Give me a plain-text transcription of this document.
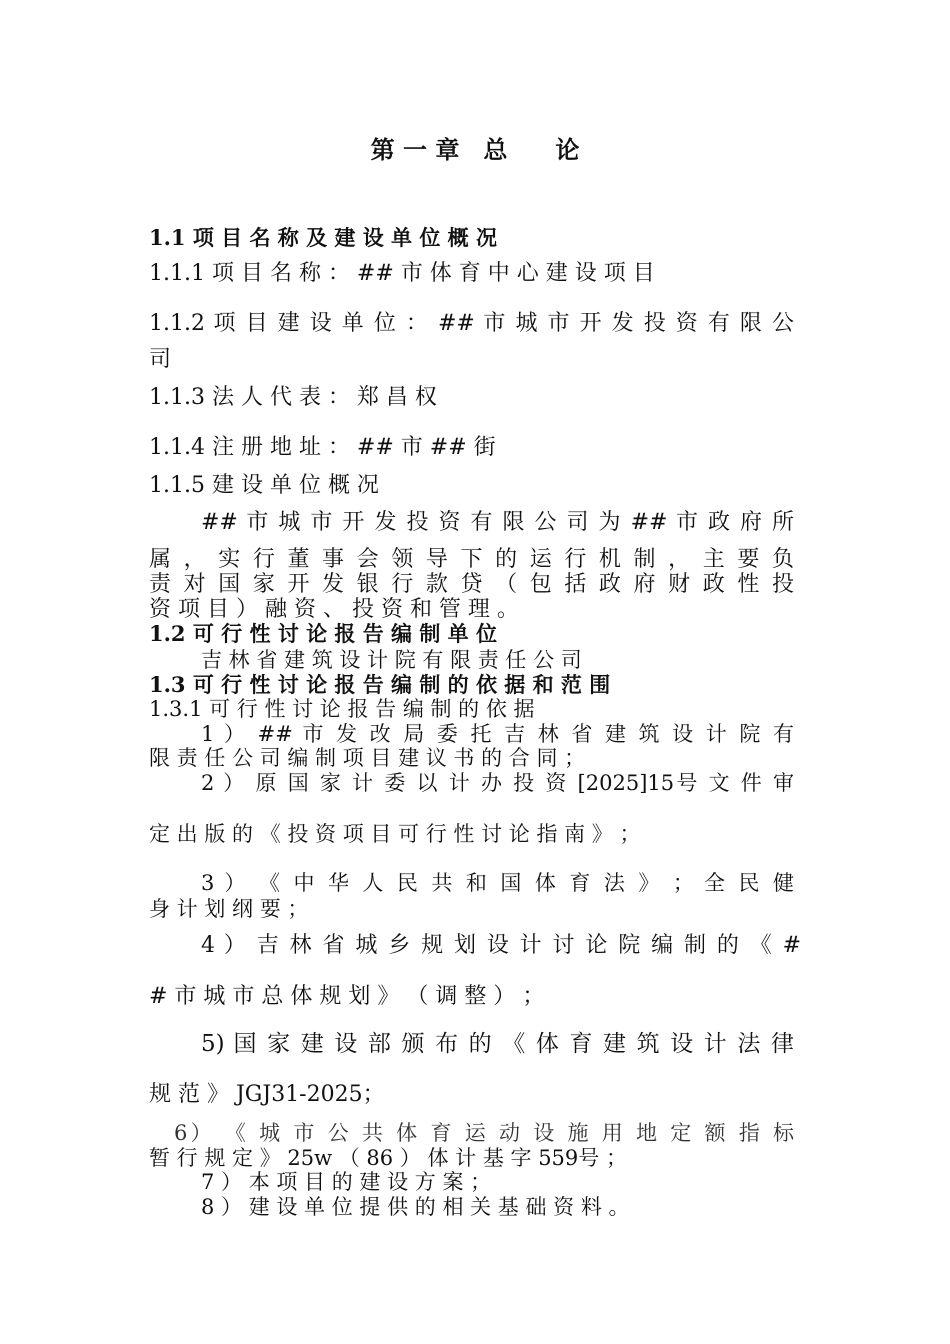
第 一 章　总　　论
1.1 项 目 名 称 及 建 设 单 位 概 况
1.1.1 项 目 名 称 ： ## 市 体 育 中 心 建 设 项 目
1.1.2 项 目 建 设 单 位 ： ## 市 城 市 开 发 投 资 有 限 公
司
1.1.3 法 人 代 表 ： 郑 昌 权
1.1.4 注 册 地 址 ： ## 市 ## 街
1.1.5 建 设 单 位 概 况
## 市 城 市 开 发 投 资 有 限 公 司 为 ## 市 政 府 所
属 ， 实 行 董 事 会 领 导 下 的 运 行 机 制 ， 主 要 负
责 对 国 家 开 发 银 行 款 贷 （ 包 括 政 府 财 政 性 投
资 项 目 ） 融 资 、 投 资 和 管 理 。
1.2 可 行 性 讨 论 报 告 编 制 单 位
吉 林 省 建 筑 设 计 院 有 限 责 任 公 司
1.3 可 行 性 讨 论 报 告 编 制 的 依 据 和 范 围
1.3.1 可 行 性 讨 论 报 告 编 制 的 依 据
1 ） ## 市 发 改 局 委 托 吉 林 省 建 筑 设 计 院 有
限 责 任 公 司 编 制 项 目 建 议 书 的 合 同 ；
2 ） 原 国 家 计 委 以 计 办 投 资 [2025]15号 文 件 审
定 出 版 的 《 投 资 项 目 可 行 性 讨 论 指 南 》 ；
3 ） 《 中 华 人 民 共 和 国 体 育 法 》 ； 全 民 健
身 计 划 纲 要 ；
4 ） 吉 林 省 城 乡 规 划 设 计 讨 论 院 编 制 的 《 #
# 市 城 市 总 体 规 划 》 （ 调 整 ） ；
5) 国 家 建 设 部 颁 布 的 《 体 育 建 筑 设 计 法 律
规 范 》 JGJ31-2025；
6） 《 城 市 公 共 体 育 运 动 设 施 用 地 定 额 指 标
暂 行 规 定 》 25w （ 86 ） 体 计 基 字 559号 ；
7 ） 本 项 目 的 建 设 方 案 ；
8 ） 建 设 单 位 提 供 的 相 关 基 础 资 料 。
